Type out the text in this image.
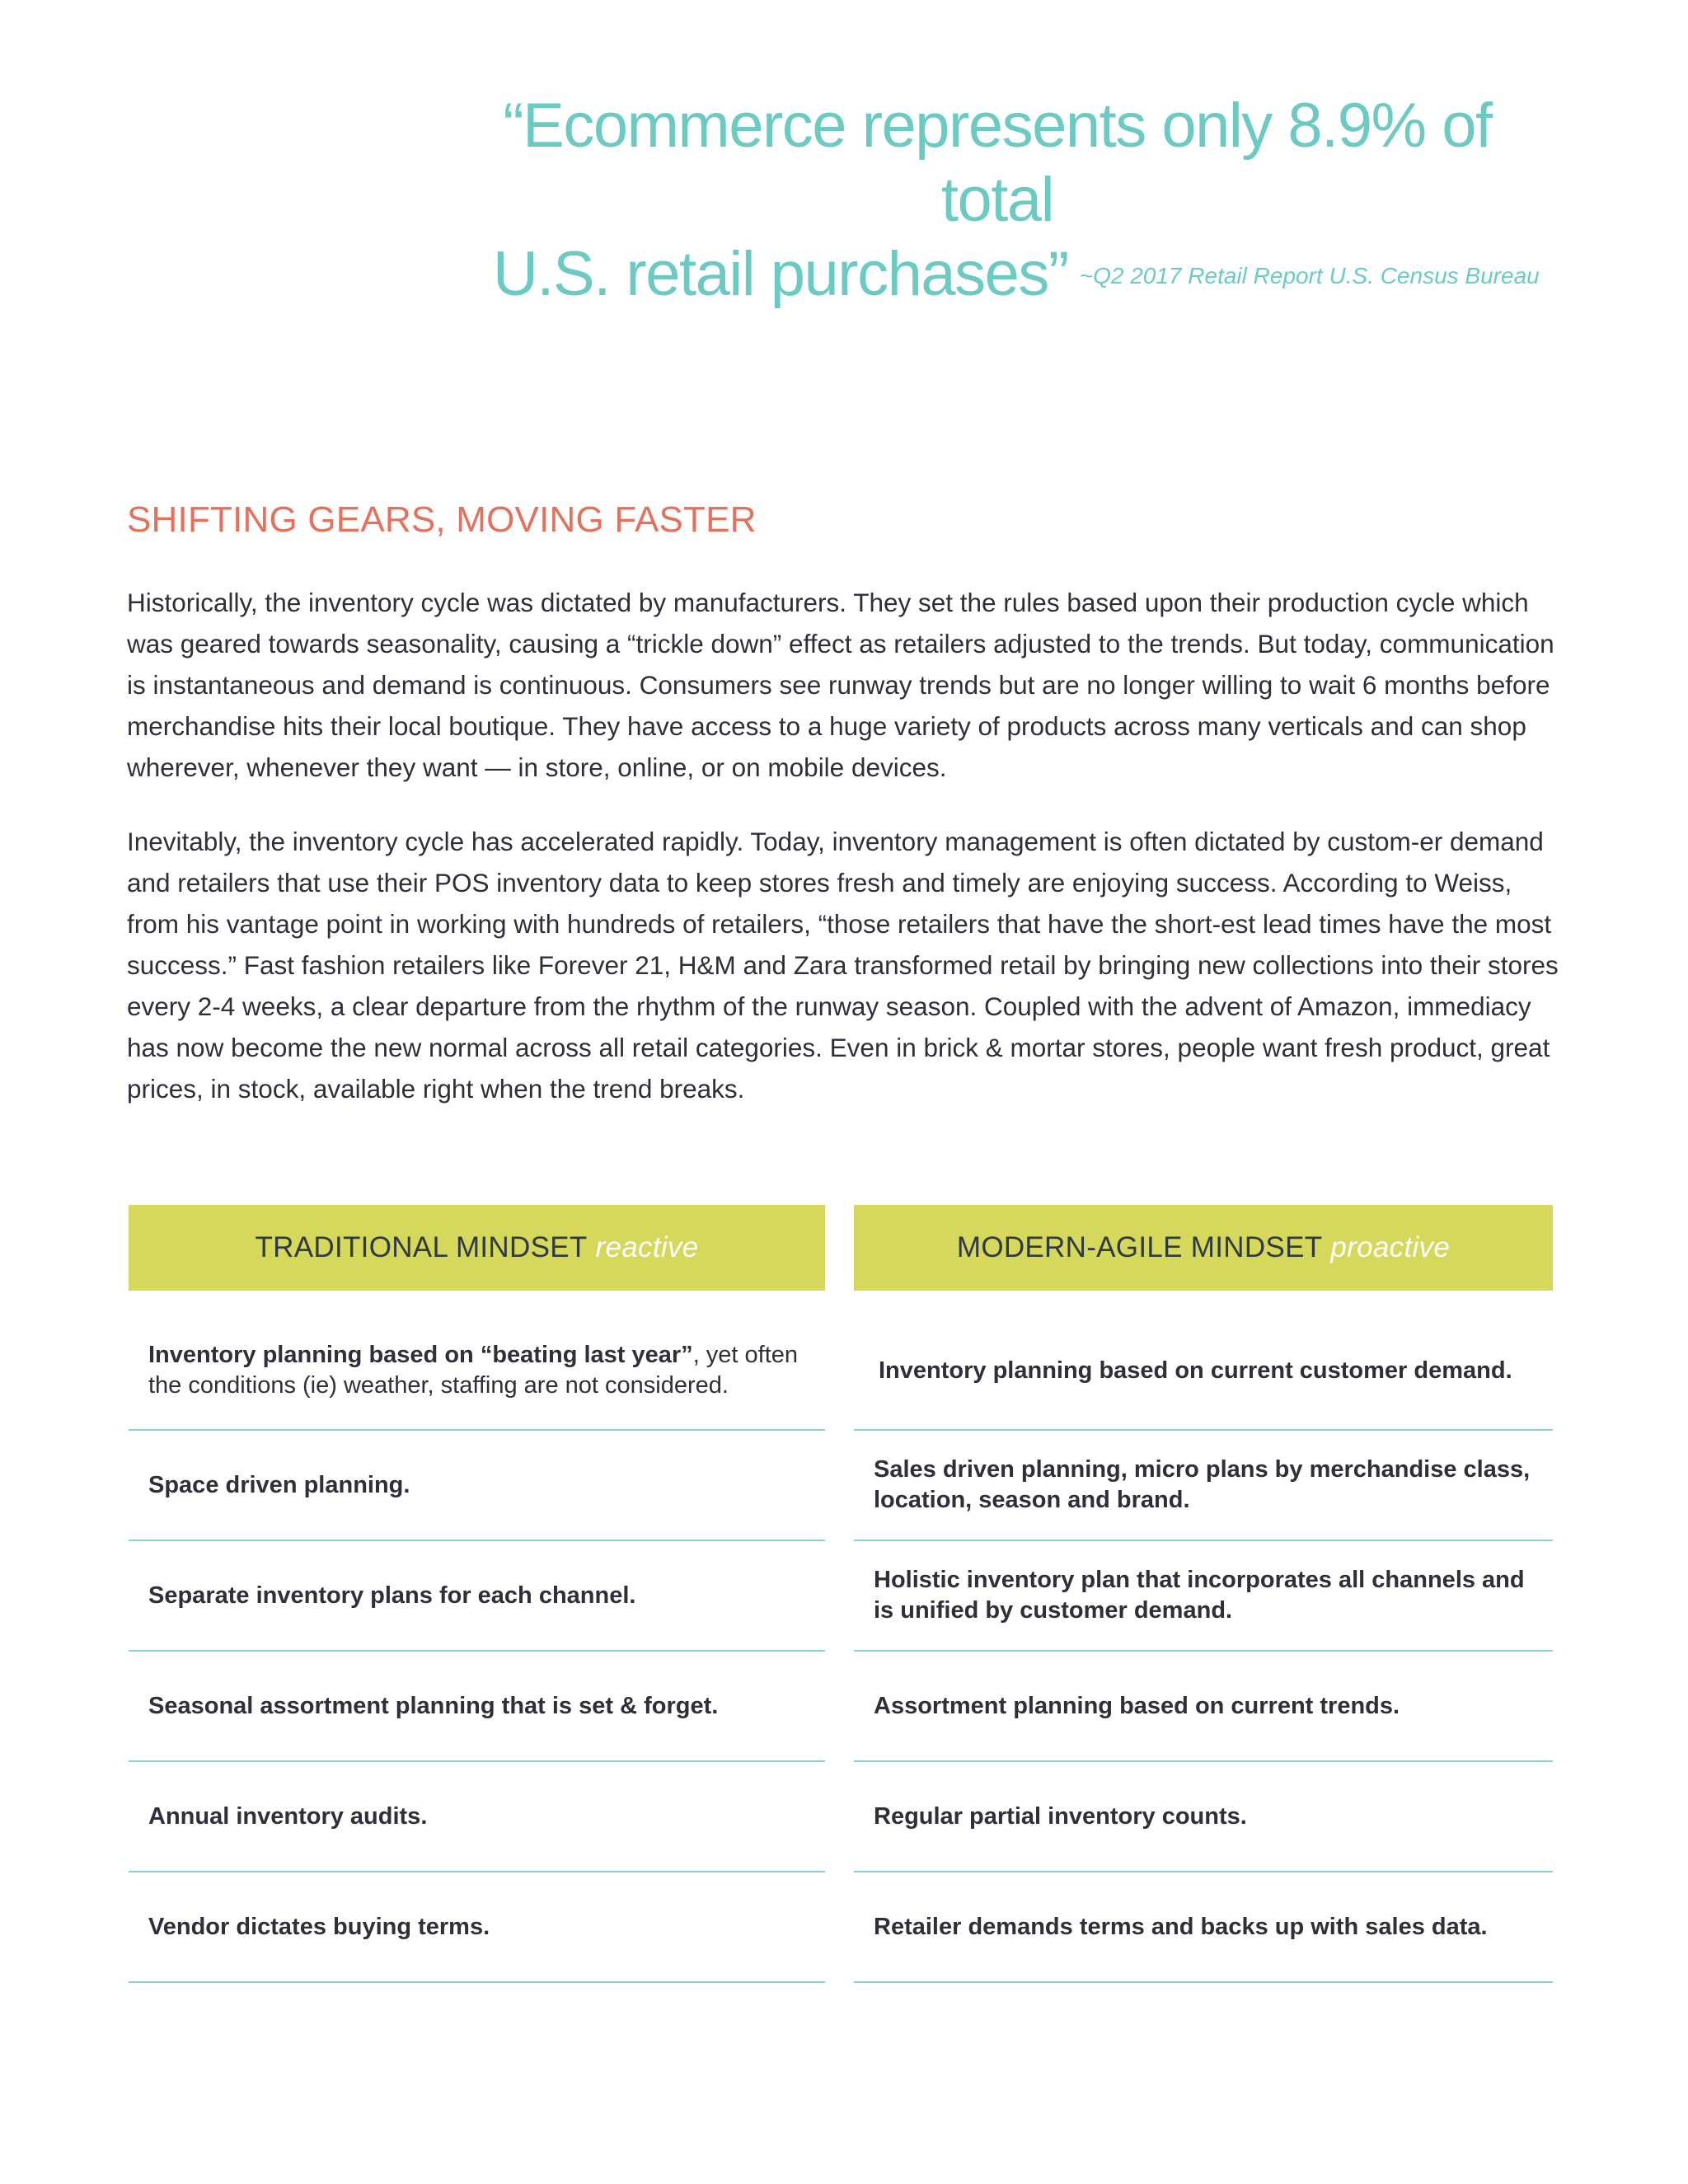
“Ecommerce represents only 8.9% of total
U.S. retail purchases” ~Q2 2017 Retail Report U.S. Census Bureau
SHIFTING GEARS, MOVING FASTER

Historically, the inventory cycle was dictated by manufacturers. They set the rules based upon their production cycle which was geared towards seasonality, causing a “trickle down” effect as retailers adjusted to the trends. But today, communication is instantaneous and demand is continuous. Consumers see runway trends but are no longer willing to wait 6 months before merchandise hits their local boutique. They have access to a huge variety of products across many verticals and can shop wherever, whenever they want — in store, online, or on mobile devices.

Inevitably, the inventory cycle has accelerated rapidly. Today, inventory management is often dictated by custom-er demand and retailers that use their POS inventory data to keep stores fresh and timely are enjoying success. According to Weiss, from his vantage point in working with hundreds of retailers, “those retailers that have the short-est lead times have the most success.” Fast fashion retailers like Forever 21, H&M and Zara transformed retail by bringing new collections into their stores every 2-4 weeks, a clear departure from the rhythm of the runway season. Coupled with the advent of Amazon, immediacy has now become the new normal across all retail categories. Even in brick & mortar stores, people want fresh product, great prices, in stock, available right when the trend breaks.

TRADITIONAL MINDSET reactive
Inventory planning based on “beating last year”, yet often the conditions (ie) weather, staffing are not considered.
Space driven planning.
Separate inventory plans for each channel.
Seasonal assortment planning that is set & forget.
Annual inventory audits.
Vendor dictates buying terms.
MODERN-AGILE MINDSET proactive
Inventory planning based on current customer demand.
Sales driven planning, micro plans by merchandise class, location, season and brand.
Holistic inventory plan that incorporates all channels and is unified by customer demand.
Assortment planning based on current trends.
Regular partial inventory counts.
Retailer demands terms and backs up with sales data.
